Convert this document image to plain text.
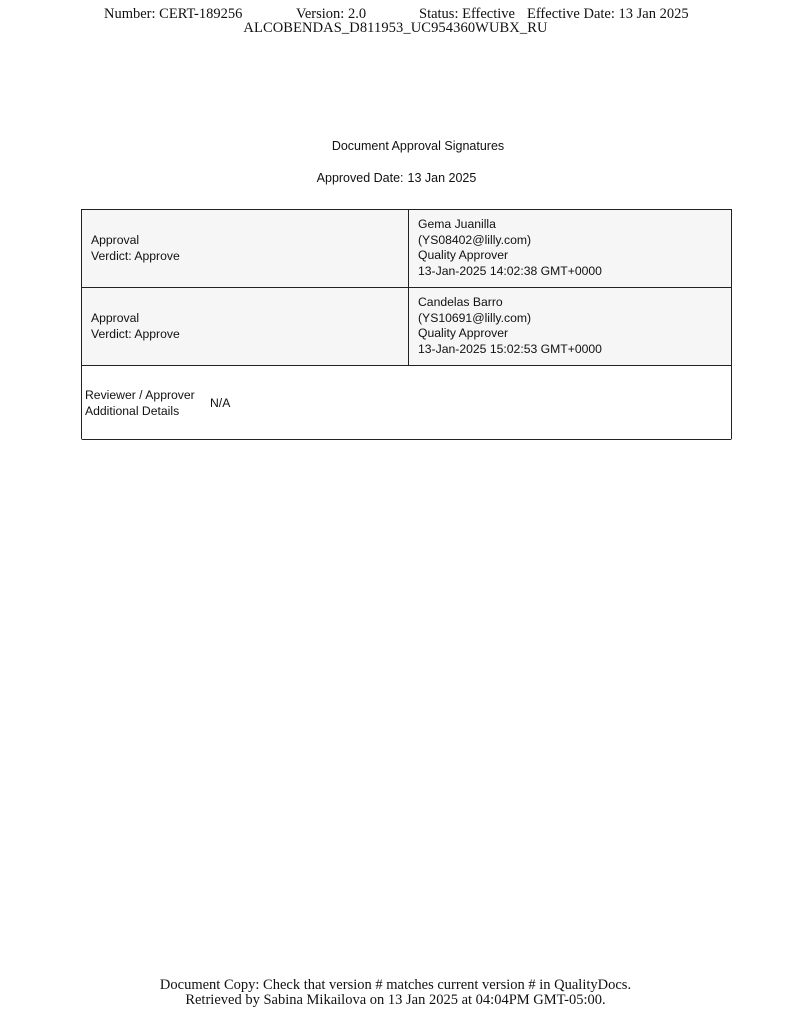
Number: CERT-189256	Version: 2.0	Status: Effective Effective Date: 13 Jan 2025
ALCOBENDAS_D811953_UC954360WUBX_RU
Document Approval Signatures
Approved Date: 13 Jan 2025
Approval
Verdict: Approve
Gema Juanilla
(YS08402@lilly.com)
Quality Approver
13-Jan-2025 14:02:38 GMT+0000
Approval
Verdict: Approve
Candelas Barro
(YS10691@lilly.com)
Quality Approver
13-Jan-2025 15:02:53 GMT+0000
Reviewer / Approver
Additional Details
N/A
Document Copy: Check that version # matches current version # in QualityDocs.
Retrieved by Sabina Mikailova on 13 Jan 2025 at 04:04PM GMT-05:00.
